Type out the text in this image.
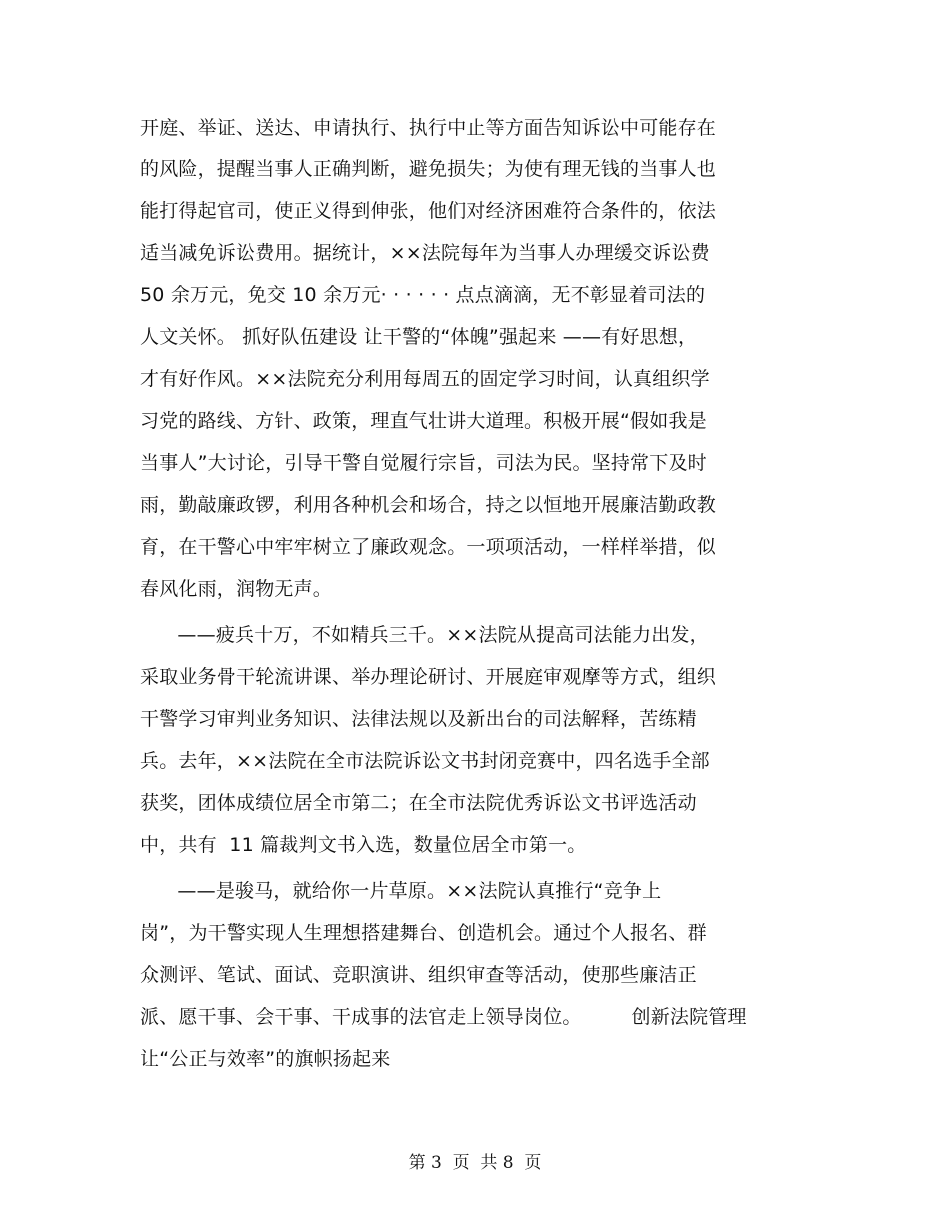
开庭、举证、送达、申请执行、执行中止等方面告知诉讼中可能存在
的风险，提醒当事人正确判断，避免损失；为使有理无钱的当事人也
能打得起官司，使正义得到伸张，他们对经济困难符合条件的，依法
适当减免诉讼费用。据统计，××法院每年为当事人办理缓交诉讼费
50 余万元，免交 10 余万元· · · · · · 点点滴滴，无不彰显着司法的
人文关怀。 抓好队伍建设 让干警的“体魄”强起来 ——有好思想，
才有好作风。××法院充分利用每周五的固定学习时间，认真组织学
习党的路线、方针、政策，理直气壮讲大道理。积极开展“假如我是
当事人”大讨论，引导干警自觉履行宗旨，司法为民。坚持常下及时
雨，勤敲廉政锣，利用各种机会和场合，持之以恒地开展廉洁勤政教
育，在干警心中牢牢树立了廉政观念。一项项活动，一样样举措，似
春风化雨，润物无声。
——疲兵十万，不如精兵三千。××法院从提高司法能力出发，
采取业务骨干轮流讲课、举办理论研讨、开展庭审观摩等方式，组织
干警学习审判业务知识、法律法规以及新出台的司法解释，苦练精
兵。去年，××法院在全市法院诉讼文书封闭竞赛中，四名选手全部
获奖，团体成绩位居全市第二；在全市法院优秀诉讼文书评选活动
中，共有  11 篇裁判文书入选，数量位居全市第一。
——是骏马，就给你一片草原。××法院认真推行“竞争上
岗”，为干警实现人生理想搭建舞台、创造机会。通过个人报名、群
众测评、笔试、面试、竞职演讲、组织审查等活动，使那些廉洁正
派、愿干事、会干事、干成事的法官走上领导岗位。        创新法院管理
让“公正与效率”的旗帜扬起来
第 3  页  共 8  页
